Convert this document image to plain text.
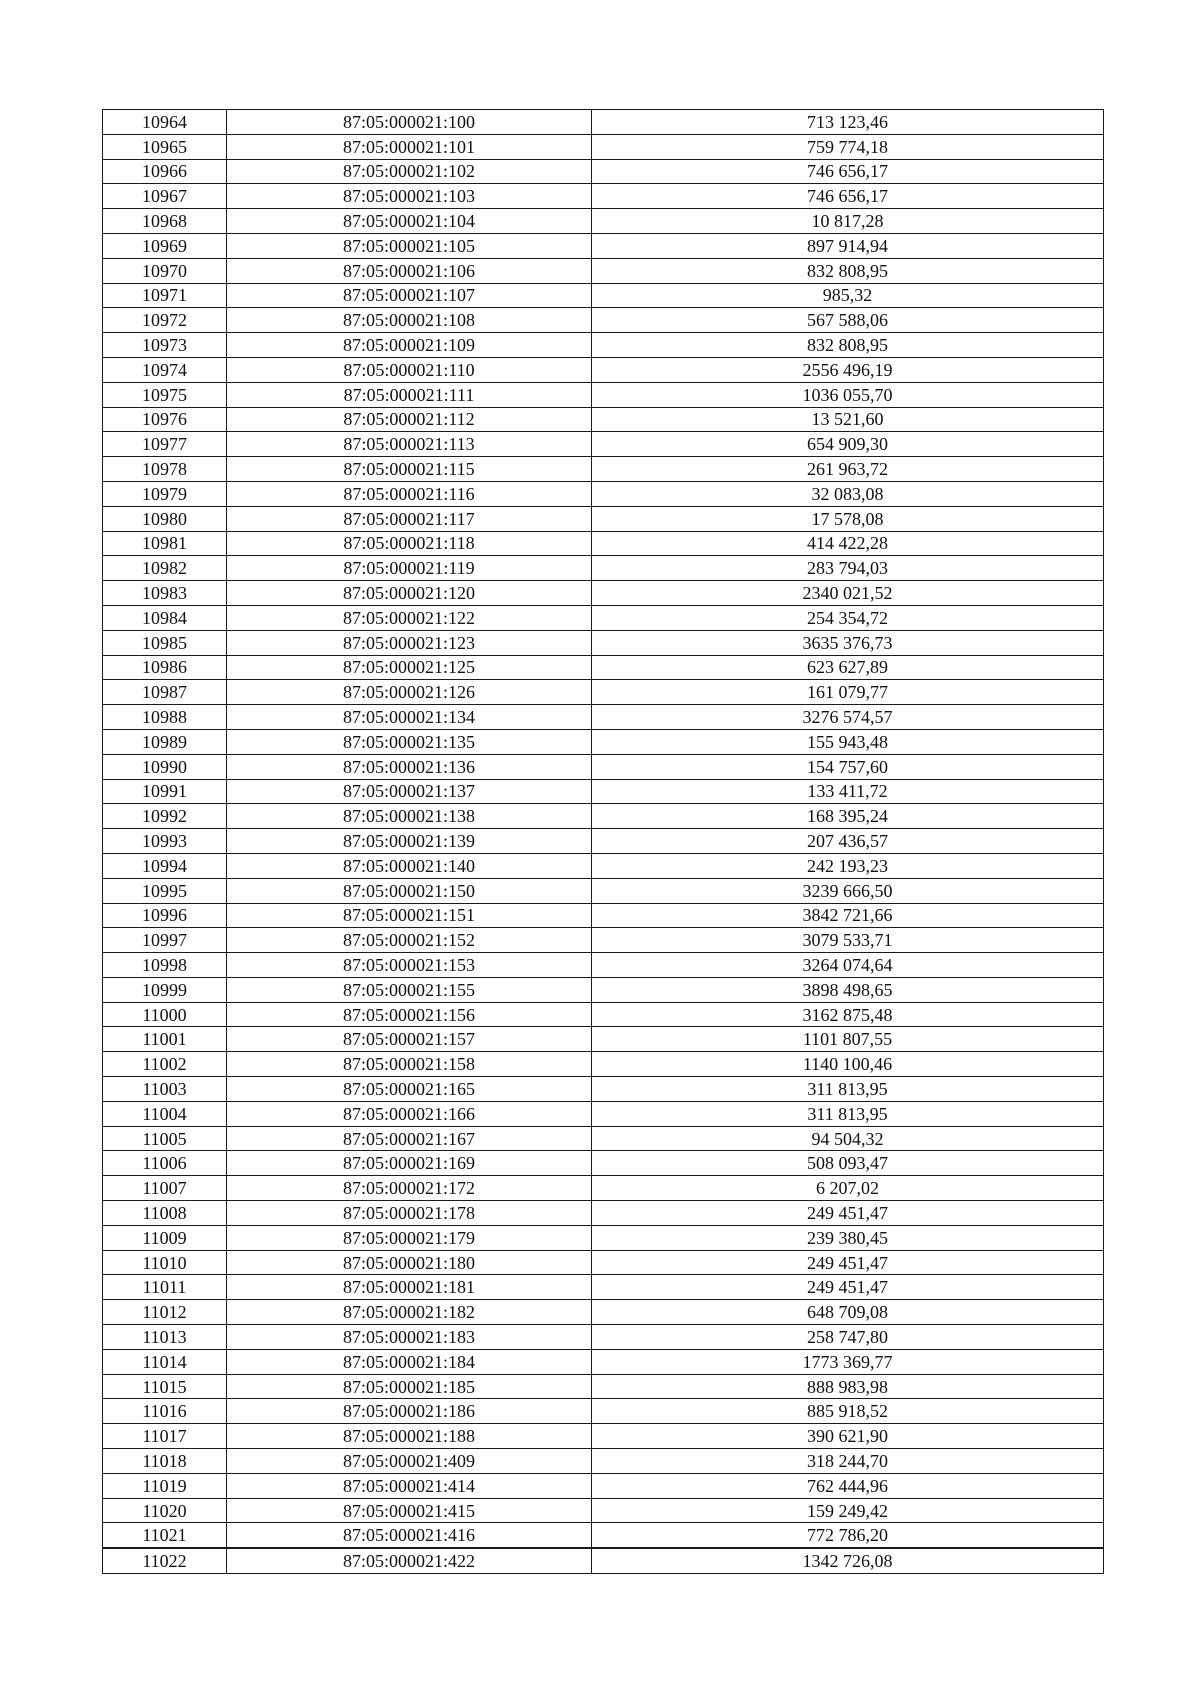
10964	87:05:000021:100	713 123,46
10965	87:05:000021:101	759 774,18
10966	87:05:000021:102	746 656,17
10967	87:05:000021:103	746 656,17
10968	87:05:000021:104	10 817,28
10969	87:05:000021:105	897 914,94
10970	87:05:000021:106	832 808,95
10971	87:05:000021:107	985,32
10972	87:05:000021:108	567 588,06
10973	87:05:000021:109	832 808,95
10974	87:05:000021:110	2556 496,19
10975	87:05:000021:111	1036 055,70
10976	87:05:000021:112	13 521,60
10977	87:05:000021:113	654 909,30
10978	87:05:000021:115	261 963,72
10979	87:05:000021:116	32 083,08
10980	87:05:000021:117	17 578,08
10981	87:05:000021:118	414 422,28
10982	87:05:000021:119	283 794,03
10983	87:05:000021:120	2340 021,52
10984	87:05:000021:122	254 354,72
10985	87:05:000021:123	3635 376,73
10986	87:05:000021:125	623 627,89
10987	87:05:000021:126	161 079,77
10988	87:05:000021:134	3276 574,57
10989	87:05:000021:135	155 943,48
10990	87:05:000021:136	154 757,60
10991	87:05:000021:137	133 411,72
10992	87:05:000021:138	168 395,24
10993	87:05:000021:139	207 436,57
10994	87:05:000021:140	242 193,23
10995	87:05:000021:150	3239 666,50
10996	87:05:000021:151	3842 721,66
10997	87:05:000021:152	3079 533,71
10998	87:05:000021:153	3264 074,64
10999	87:05:000021:155	3898 498,65
11000	87:05:000021:156	3162 875,48
11001	87:05:000021:157	1101 807,55
11002	87:05:000021:158	1140 100,46
11003	87:05:000021:165	311 813,95
11004	87:05:000021:166	311 813,95
11005	87:05:000021:167	94 504,32
11006	87:05:000021:169	508 093,47
11007	87:05:000021:172	6 207,02
11008	87:05:000021:178	249 451,47
11009	87:05:000021:179	239 380,45
11010	87:05:000021:180	249 451,47
11011	87:05:000021:181	249 451,47
11012	87:05:000021:182	648 709,08
11013	87:05:000021:183	258 747,80
11014	87:05:000021:184	1773 369,77
11015	87:05:000021:185	888 983,98
11016	87:05:000021:186	885 918,52
11017	87:05:000021:188	390 621,90
11018	87:05:000021:409	318 244,70
11019	87:05:000021:414	762 444,96
11020	87:05:000021:415	159 249,42
11021	87:05:000021:416	772 786,20
11022	87:05:000021:422	1342 726,08
